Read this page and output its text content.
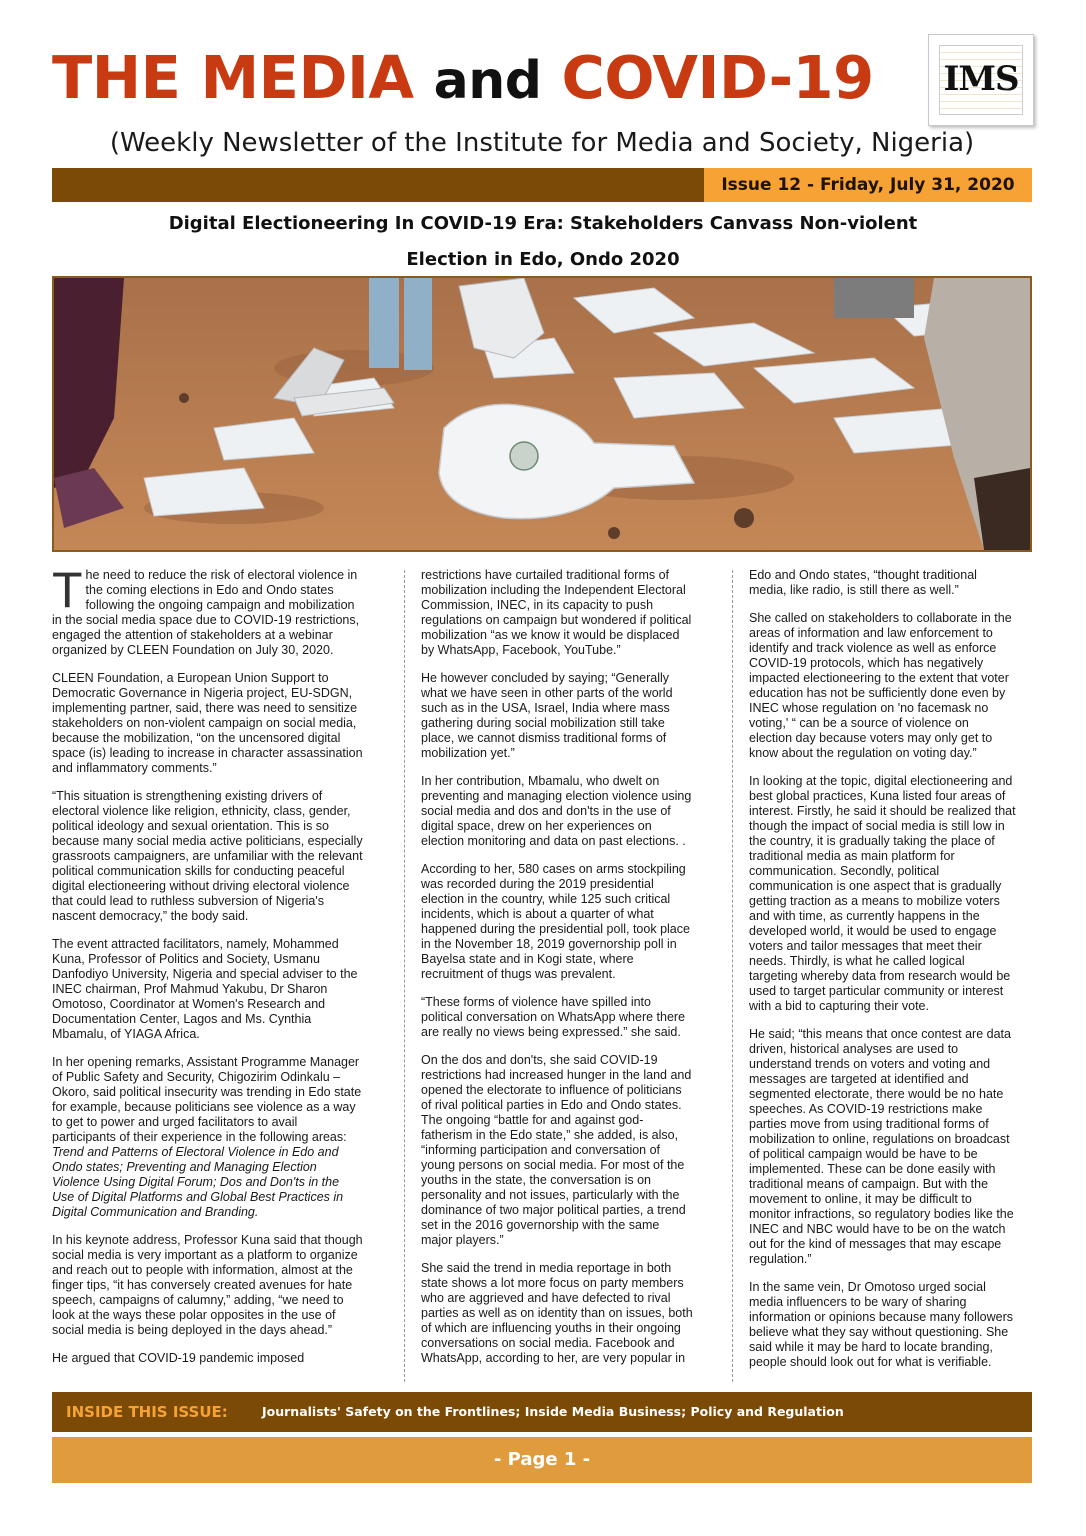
THE MEDIA and COVID-19	IMS
(Weekly Newsletter of the Institute for Media and Society, Nigeria)
Issue 12 - Friday, July 31, 2020
Digital Electioneering In COVID-19 Era: Stakeholders Canvass Non-violent
Election in Edo, Ondo 2020

The need to reduce the risk of electoral violence in
the coming elections in Edo and Ondo states
following the ongoing campaign and mobilization
in the social media space due to COVID-19 restrictions,
engaged the attention of stakeholders at a webinar
organized by CLEEN Foundation on July 30, 2020.

CLEEN Foundation, a European Union Support to
Democratic Governance in Nigeria project, EU-SDGN,
implementing partner, said, there was need to sensitize
stakeholders on non-violent campaign on social media,
because the mobilization, “on the uncensored digital
space (is) leading to increase in character assassination
and inflammatory comments.”

“This situation is strengthening existing drivers of
electoral violence like religion, ethnicity, class, gender,
political ideology and sexual orientation. This is so
because many social media active politicians, especially
grassroots campaigners, are unfamiliar with the relevant
political communication skills for conducting peaceful
digital electioneering without driving electoral violence
that could lead to ruthless subversion of Nigeria's
nascent democracy,” the body said.

The event attracted facilitators, namely, Mohammed
Kuna, Professor of Politics and Society, Usmanu
Danfodiyo University, Nigeria and special adviser to the
INEC chairman, Prof Mahmud Yakubu, Dr Sharon
Omotoso, Coordinator at Women's Research and
Documentation Center, Lagos and Ms. Cynthia
Mbamalu, of YIAGA Africa.

In her opening remarks, Assistant Programme Manager
of Public Safety and Security, Chigozirim Odinkalu –
Okoro, said political insecurity was trending in Edo state
for example, because politicians see violence as a way
to get to power and urged facilitators to avail
participants of their experience in the following areas:
Trend and Patterns of Electoral Violence in Edo and
Ondo states; Preventing and Managing Election
Violence Using Digital Forum; Dos and Don'ts in the
Use of Digital Platforms and Global Best Practices in
Digital Communication and Branding.

In his keynote address, Professor Kuna said that though
social media is very important as a platform to organize
and reach out to people with information, almost at the
finger tips, “it has conversely created avenues for hate
speech, campaigns of calumny,” adding, “we need to
look at the ways these polar opposites in the use of
social media is being deployed in the days ahead.”

He argued that COVID-19 pandemic imposed

restrictions have curtailed traditional forms of
mobilization including the Independent Electoral
Commission, INEC, in its capacity to push
regulations on campaign but wondered if political
mobilization “as we know it would be displaced
by WhatsApp, Facebook, YouTube.”

He however concluded by saying; “Generally
what we have seen in other parts of the world
such as in the USA, Israel, India where mass
gathering during social mobilization still take
place, we cannot dismiss traditional forms of
mobilization yet.”

In her contribution, Mbamalu, who dwelt on
preventing and managing election violence using
social media and dos and don'ts in the use of
digital space, drew on her experiences on
election monitoring and data on past elections. .

According to her, 580 cases on arms stockpiling
was recorded during the 2019 presidential
election in the country, while 125 such critical
incidents, which is about a quarter of what
happened during the presidential poll, took place
in the November 18, 2019 governorship poll in
Bayelsa state and in Kogi state, where
recruitment of thugs was prevalent.

“These forms of violence have spilled into
political conversation on WhatsApp where there
are really no views being expressed.” she said.

On the dos and don'ts, she said COVID-19
restrictions had increased hunger in the land and
opened the electorate to influence of politicians
of rival political parties in Edo and Ondo states.
The ongoing “battle for and against god-
fatherism in the Edo state,” she added, is also,
“informing participation and conversation of
young persons on social media. For most of the
youths in the state, the conversation is on
personality and not issues, particularly with the
dominance of two major political parties, a trend
set in the 2016 governorship with the same
major players.”

She said the trend in media reportage in both
state shows a lot more focus on party members
who are aggrieved and have defected to rival
parties as well as on identity than on issues, both
of which are influencing youths in their ongoing
conversations on social media. Facebook and
WhatsApp, according to her, are very popular in

Edo and Ondo states, “thought traditional
media, like radio, is still there as well.”

She called on stakeholders to collaborate in the
areas of information and law enforcement to
identify and track violence as well as enforce
COVID-19 protocols, which has negatively
impacted electioneering to the extent that voter
education has not be sufficiently done even by
INEC whose regulation on 'no facemask no
voting,' “ can be a source of violence on
election day because voters may only get to
know about the regulation on voting day.”

In looking at the topic, digital electioneering and
best global practices, Kuna listed four areas of
interest. Firstly, he said it should be realized that
though the impact of social media is still low in
the country, it is gradually taking the place of
traditional media as main platform for
communication. Secondly, political
communication is one aspect that is gradually
getting traction as a means to mobilize voters
and with time, as currently happens in the
developed world, it would be used to engage
voters and tailor messages that meet their
needs. Thirdly, is what he called logical
targeting whereby data from research would be
used to target particular community or interest
with a bid to capturing their vote.

He said; “this means that once contest are data
driven, historical analyses are used to
understand trends on voters and voting and
messages are targeted at identified and
segmented electorate, there would be no hate
speeches. As COVID-19 restrictions make
parties move from using traditional forms of
mobilization to online, regulations on broadcast
of political campaign would be have to be
implemented. These can be done easily with
traditional means of campaign. But with the
movement to online, it may be difficult to
monitor infractions, so regulatory bodies like the
INEC and NBC would have to be on the watch
out for the kind of messages that may escape
regulation.”

In the same vein, Dr Omotoso urged social
media influencers to be wary of sharing
information or opinions because many followers
believe what they say without questioning. She
said while it may be hard to locate branding,
people should look out for what is verifiable.

INSIDE THIS ISSUE:	Journalists' Safety on the Frontlines; Inside Media Business; Policy and Regulation
- Page 1 -
